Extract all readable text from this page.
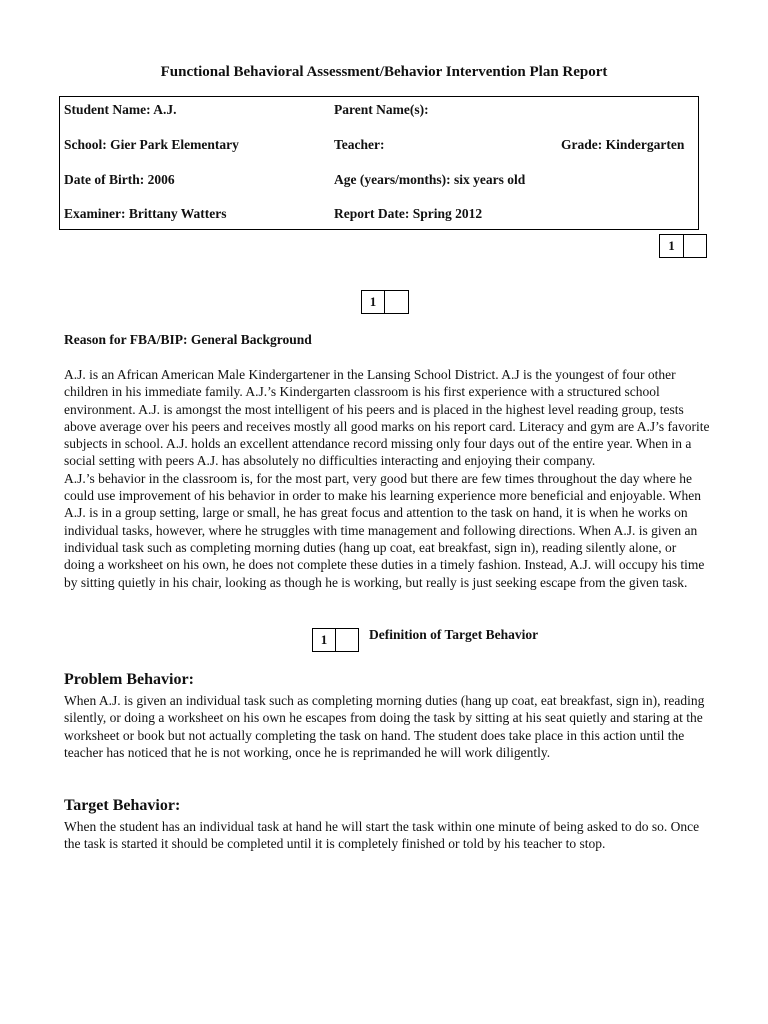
Functional Behavioral Assessment/Behavior Intervention Plan Report
Student Name: A.J.	Parent Name(s):
School: Gier Park Elementary	Teacher:	Grade: Kindergarten
Date of Birth: 2006	Age (years/months): six years old
Examiner: Brittany Watters	Report Date: Spring 2012
1
1
Reason for FBA/BIP: General Background

A.J. is an African American Male Kindergartener in the Lansing School District. A.J is the youngest of four other children in his immediate family. A.J.’s Kindergarten classroom is his first experience with a structured school environment. A.J. is amongst the most intelligent of his peers and is placed in the highest level reading group, tests above average over his peers and receives mostly all good marks on his report card. Literacy and gym are A.J’s favorite subjects in school. A.J. holds an excellent attendance record missing only four days out of the entire year. When in a social setting with peers A.J. has absolutely no difficulties interacting and enjoying their company.

A.J.’s behavior in the classroom is, for the most part, very good but there are few times throughout the day where he could use improvement of his behavior in order to make his learning experience more beneficial and enjoyable. When A.J. is in a group setting, large or small, he has great focus and attention to the task on hand, it is when he works on individual tasks, however, where he struggles with time management and following directions. When A.J. is given an individual task such as completing morning duties (hang up coat, eat breakfast, sign in), reading silently alone, or doing a worksheet on his own, he does not complete these duties in a timely fashion. Instead, A.J. will occupy his time by sitting quietly in his chair, looking as though he is working, but really is just seeking escape from the given task.

1	Definition of Target Behavior
Problem Behavior:
When A.J. is given an individual task such as completing morning duties (hang up coat, eat breakfast, sign in), reading silently, or doing a worksheet on his own he escapes from doing the task by sitting at his seat quietly and staring at the worksheet or book but not actually completing the task on hand. The student does take place in this action until the teacher has noticed that he is not working, once he is reprimanded he will work diligently.
Target Behavior:
When the student has an individual task at hand he will start the task within one minute of being asked to do so. Once the task is started it should be completed until it is completely finished or told by his teacher to stop.
